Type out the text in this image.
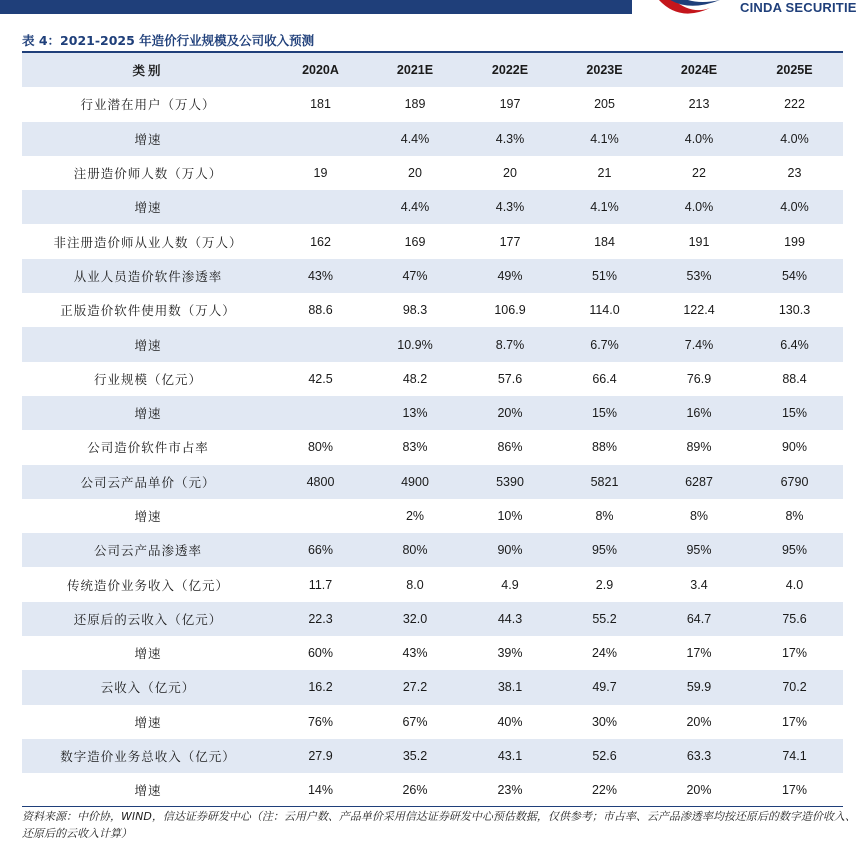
CINDA SECURITIE
表 4：2021-2025 年造价行业规模及公司收入预测
类别	2020A	2021E	2022E	2023E	2024E	2025E
行业潜在用户（万人）	181	189	197	205	213	222
增速		4.4%	4.3%	4.1%	4.0%	4.0%
注册造价师人数（万人）	19	20	20	21	22	23
增速		4.4%	4.3%	4.1%	4.0%	4.0%
非注册造价师从业人数（万人）	162	169	177	184	191	199
从业人员造价软件渗透率	43%	47%	49%	51%	53%	54%
正版造价软件使用数（万人）	88.6	98.3	106.9	114.0	122.4	130.3
增速		10.9%	8.7%	6.7%	7.4%	6.4%
行业规模（亿元）	42.5	48.2	57.6	66.4	76.9	88.4
增速		13%	20%	15%	16%	15%
公司造价软件市占率	80%	83%	86%	88%	89%	90%
公司云产品单价（元）	4800	4900	5390	5821	6287	6790
增速		2%	10%	8%	8%	8%
公司云产品渗透率	66%	80%	90%	95%	95%	95%
传统造价业务收入（亿元）	11.7	8.0	4.9	2.9	3.4	4.0
还原后的云收入（亿元）	22.3	32.0	44.3	55.2	64.7	75.6
增速	60%	43%	39%	24%	17%	17%
云收入（亿元）	16.2	27.2	38.1	49.7	59.9	70.2
增速	76%	67%	40%	30%	20%	17%
数字造价业务总收入（亿元）	27.9	35.2	43.1	52.6	63.3	74.1
增速	14%	26%	23%	22%	20%	17%
资料来源：中价协，WIND，信达证券研发中心（注：云用户数、产品单价采用信达证券研发中心预估数据，仅供参考；市占率、云产品渗透率均按还原后的数字造价收入、还原后的云收入计算）
